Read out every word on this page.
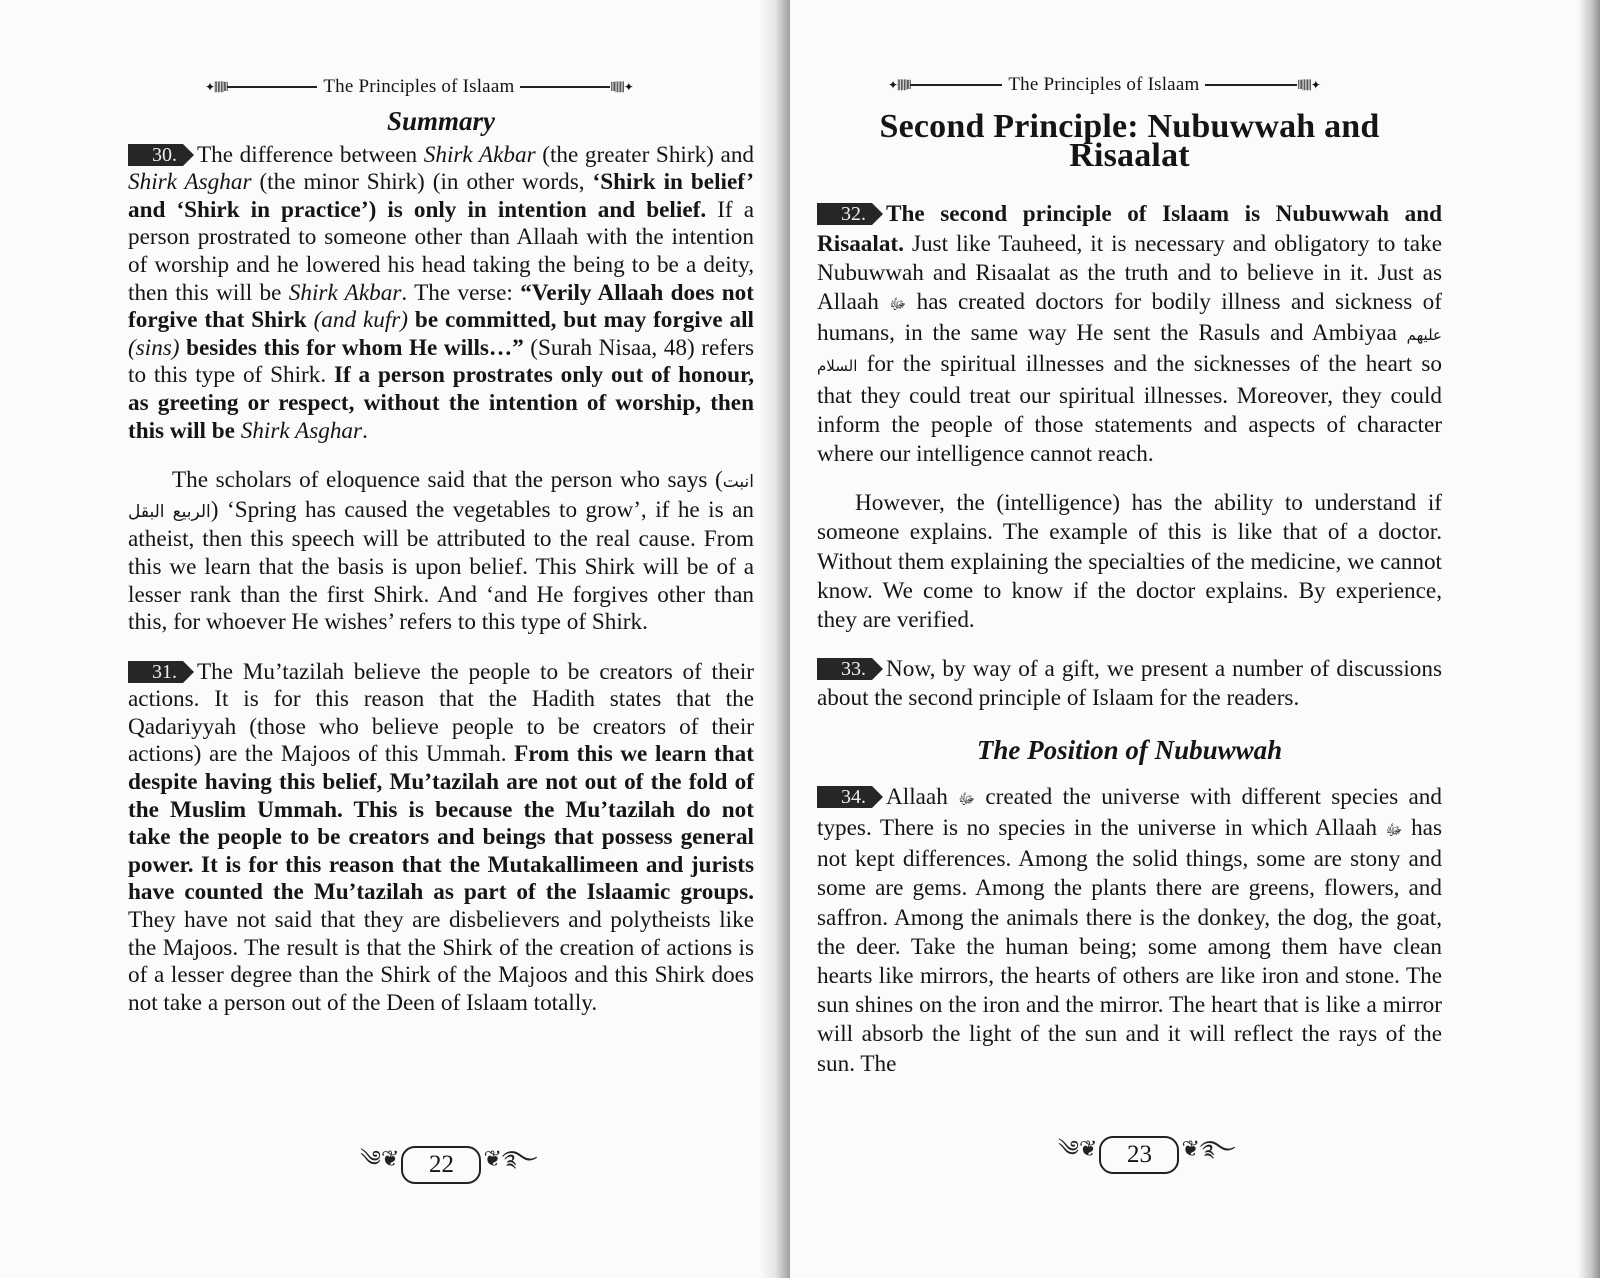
✦⫼⫼⦀	The Principles of Islaam	⦀⫼⫼✦

Summary

30. The difference between Shirk Akbar (the greater Shirk) and Shirk Asghar (the minor Shirk) (in other words, ‘Shirk in belief’ and ‘Shirk in practice’) is only in intention and belief. If a person prostrated to someone other than Allaah with the intention of worship and he lowered his head taking the being to be a deity, then this will be Shirk Akbar. The verse: “Verily Allaah does not forgive that Shirk (and kufr) be committed, but may forgive all (sins) besides this for whom He wills…” (Surah Nisaa, 48) refers to this type of Shirk. If a person prostrates only out of honour, as greeting or respect, without the intention of worship, then this will be Shirk Asghar.

The scholars of eloquence said that the person who says (انبت الربيع البقل) ‘Spring has caused the vegetables to grow’, if he is an atheist, then this speech will be attributed to the real cause. From this we learn that the basis is upon belief. This Shirk will be of a lesser rank than the first Shirk. And ‘and He forgives other than this, for whoever He wishes’ refers to this type of Shirk.

31. The Mu’tazilah believe the people to be creators of their actions. It is for this reason that the Hadith states that the Qadariyyah (those who believe people to be creators of their actions) are the Majoos of this Ummah. From this we learn that despite having this belief, Mu’tazilah are not out of the fold of the Muslim Ummah. This is because the Mu’tazilah do not take the people to be creators and beings that possess general power. It is for this reason that the Mutakallimeen and jurists have counted the Mu’tazilah as part of the Islaamic groups. They have not said that they are disbelievers and polytheists like the Majoos. The result is that the Shirk of the creation of actions is of a lesser degree than the Shirk of the Majoos and this Shirk does not take a person out of the Deen of Islaam totally.

༄❦	22	❦࿐
✦⫼⫼⦀	The Principles of Islaam	⦀⫼⫼✦

Second Principle: Nubuwwah and Risaalat

32. The second principle of Islaam is Nubuwwah and Risaalat. Just like Tauheed, it is necessary and obligatory to take Nubuwwah and Risaalat as the truth and to believe in it. Just as Allaah ﷻ has created doctors for bodily illness and sickness of humans, in the same way He sent the Rasuls and Ambiyaa عليهم السلام for the spiritual illnesses and the sicknesses of the heart so that they could treat our spiritual illnesses. Moreover, they could inform the people of those statements and aspects of character where our intelligence cannot reach.

However, the (intelligence) has the ability to understand if someone explains. The example of this is like that of a doctor. Without them explaining the specialties of the medicine, we cannot know. We come to know if the doctor explains. By experience, they are verified.

33. Now, by way of a gift, we present a number of discussions about the second principle of Islaam for the readers.

The Position of Nubuwwah

34. Allaah ﷻ created the universe with different species and types. There is no species in the universe in which Allaah ﷻ has not kept differences. Among the solid things, some are stony and some are gems. Among the plants there are greens, flowers, and saffron. Among the animals there is the donkey, the dog, the goat, the deer. Take the human being; some among them have clean hearts like mirrors, the hearts of others are like iron and stone. The sun shines on the iron and the mirror. The heart that is like a mirror will absorb the light of the sun and it will reflect the rays of the sun. The

༄❦	23	❦࿐
